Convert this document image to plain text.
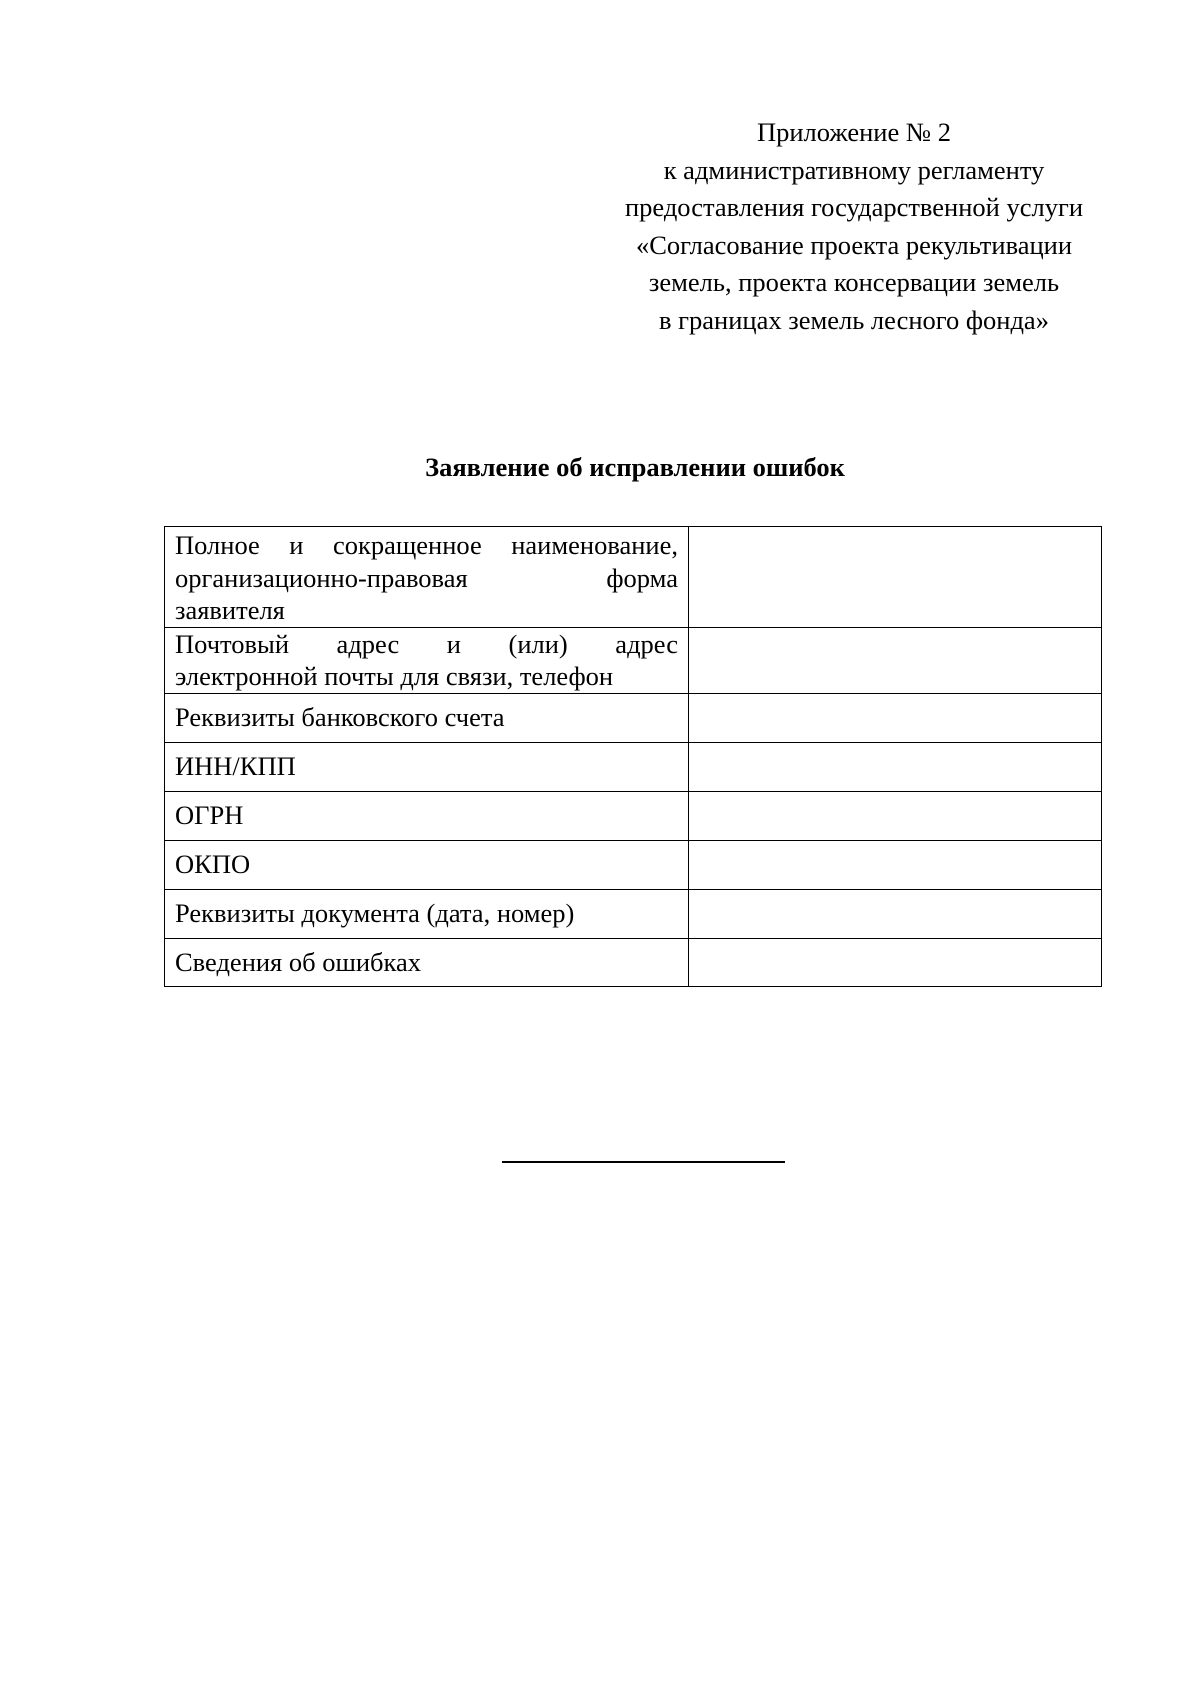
Приложение № 2
к административному регламенту
предоставления государственной услуги
«Согласование проекта рекультивации
земель, проекта консервации земель
в границах земель лесного фонда»
Заявление об исправлении ошибок
Полное и сокращенное наименование,
организационно-правовая форма
заявителя	

Почтовый адрес и (или) адрес
электронной почты для связи, телефон	

Реквизиты банковского счета	
ИНН/КПП	
ОГРН	
ОКПО	
Реквизиты документа (дата, номер)	
Сведения об ошибках	
